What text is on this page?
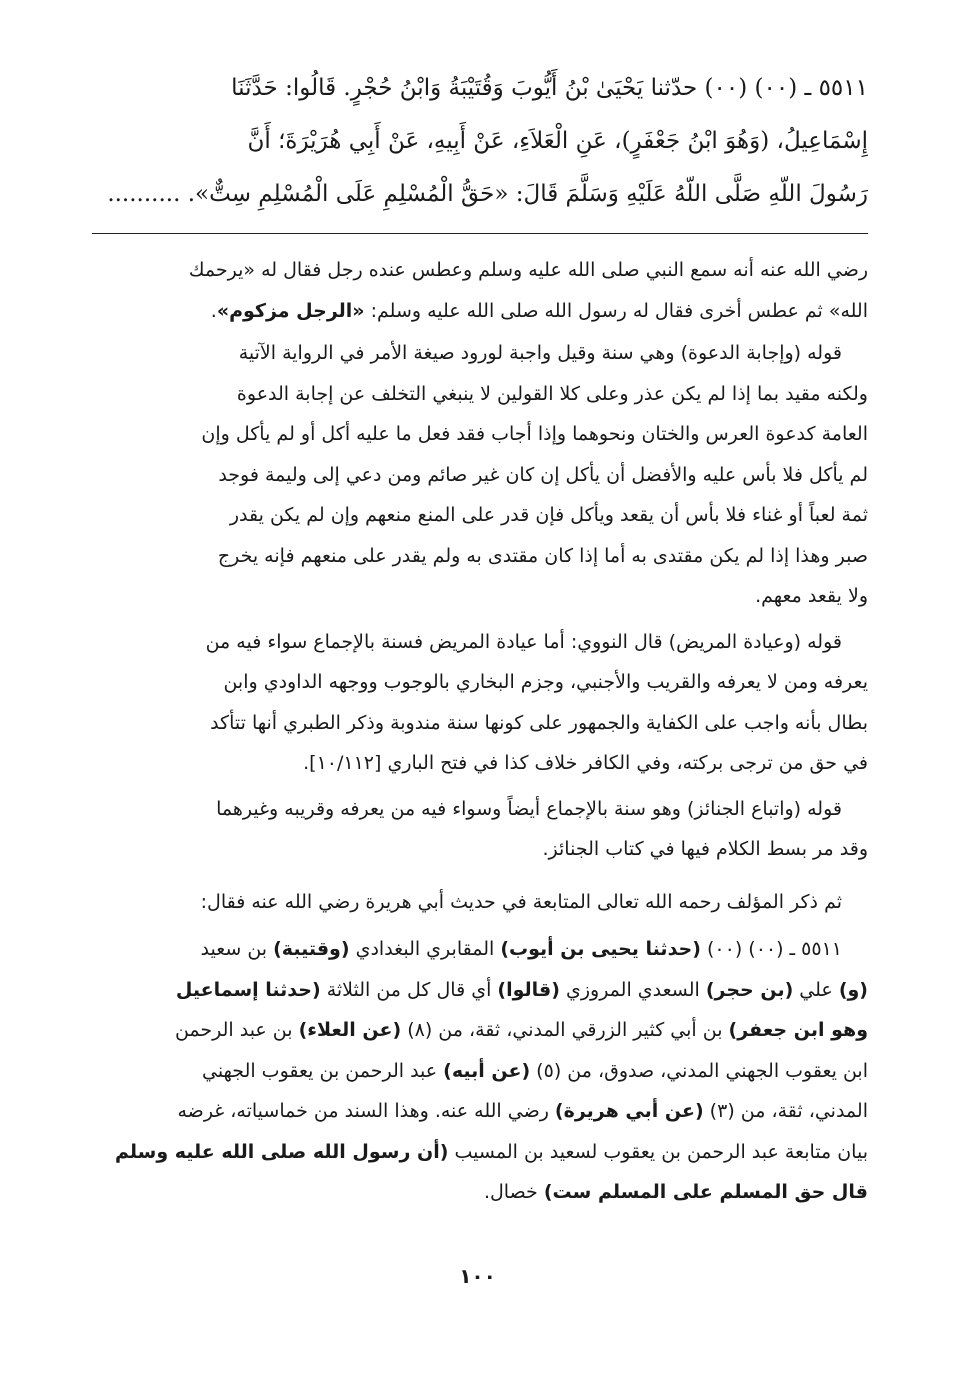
٥٥١١ ـ (٠٠) (٠٠) حدّثنا يَحْيَىٰ بْنُ أَيُّوبَ وَقُتَيْبَةُ وَابْنُ حُجْرٍ. قَالُوا: حَدَّثَنَا
إِسْمَاعِيلُ، (وَهُوَ ابْنُ جَعْفَرٍ)، عَنِ الْعَلاَءِ، عَنْ أَبِيهِ، عَنْ أَبِي هُرَيْرَةَ؛ أَنَّ
رَسُولَ اللّهِ صَلَّى اللّهُ عَلَيْهِ وَسَلَّمَ قَالَ: «حَقُّ الْمُسْلِمِ عَلَى الْمُسْلِمِ سِتٌّ». ..........

رضي الله عنه أنه سمع النبي صلى الله عليه وسلم وعطس عنده رجل فقال له «يرحمك
الله» ثم عطس أخرى فقال له رسول الله صلى الله عليه وسلم: «الرجل مزكوم».

قوله (وإجابة الدعوة) وهي سنة وقيل واجبة لورود صيغة الأمر في الرواية الآتية
ولكنه مقيد بما إذا لم يكن عذر وعلى كلا القولين لا ينبغي التخلف عن إجابة الدعوة
العامة كدعوة العرس والختان ونحوهما وإذا أجاب فقد فعل ما عليه أكل أو لم يأكل وإن
لم يأكل فلا بأس عليه والأفضل أن يأكل إن كان غير صائم ومن دعي إلى وليمة فوجد
ثمة لعباً أو غناء فلا بأس أن يقعد ويأكل فإن قدر على المنع منعهم وإن لم يكن يقدر
صبر وهذا إذا لم يكن مقتدى به أما إذا كان مقتدى به ولم يقدر على منعهم فإنه يخرج
ولا يقعد معهم.

قوله (وعيادة المريض) قال النووي: أما عيادة المريض فسنة بالإجماع سواء فيه من
يعرفه ومن لا يعرفه والقريب والأجنبي، وجزم البخاري بالوجوب ووجهه الداودي وابن
بطال بأنه واجب على الكفاية والجمهور على كونها سنة مندوبة وذكر الطبري أنها تتأكد
في حق من ترجى بركته، وفي الكافر خلاف كذا في فتح الباري [١٠/١١٢].

قوله (واتباع الجنائز) وهو سنة بالإجماع أيضاً وسواء فيه من يعرفه وقريبه وغيرهما
وقد مر بسط الكلام فيها في كتاب الجنائز.

ثم ذكر المؤلف رحمه الله تعالى المتابعة في حديث أبي هريرة رضي الله عنه فقال:

٥٥١١ ـ (٠٠) (٠٠) (حدثنا يحيى بن أيوب) المقابري البغدادي (وقتيبة) بن سعيد
(و) علي (بن حجر) السعدي المروزي (قالوا) أي قال كل من الثلاثة (حدثنا إسماعيل
وهو ابن جعفر) بن أبي كثير الزرقي المدني، ثقة، من (٨) (عن العلاء) بن عبد الرحمن
ابن يعقوب الجهني المدني، صدوق، من (٥) (عن أبيه) عبد الرحمن بن يعقوب الجهني
المدني، ثقة، من (٣) (عن أبي هريرة) رضي الله عنه. وهذا السند من خماسياته، غرضه
بيان متابعة عبد الرحمن بن يعقوب لسعيد بن المسيب (أن رسول الله صلى الله عليه وسلم
قال حق المسلم على المسلم ست) خصال.

١٠٠
